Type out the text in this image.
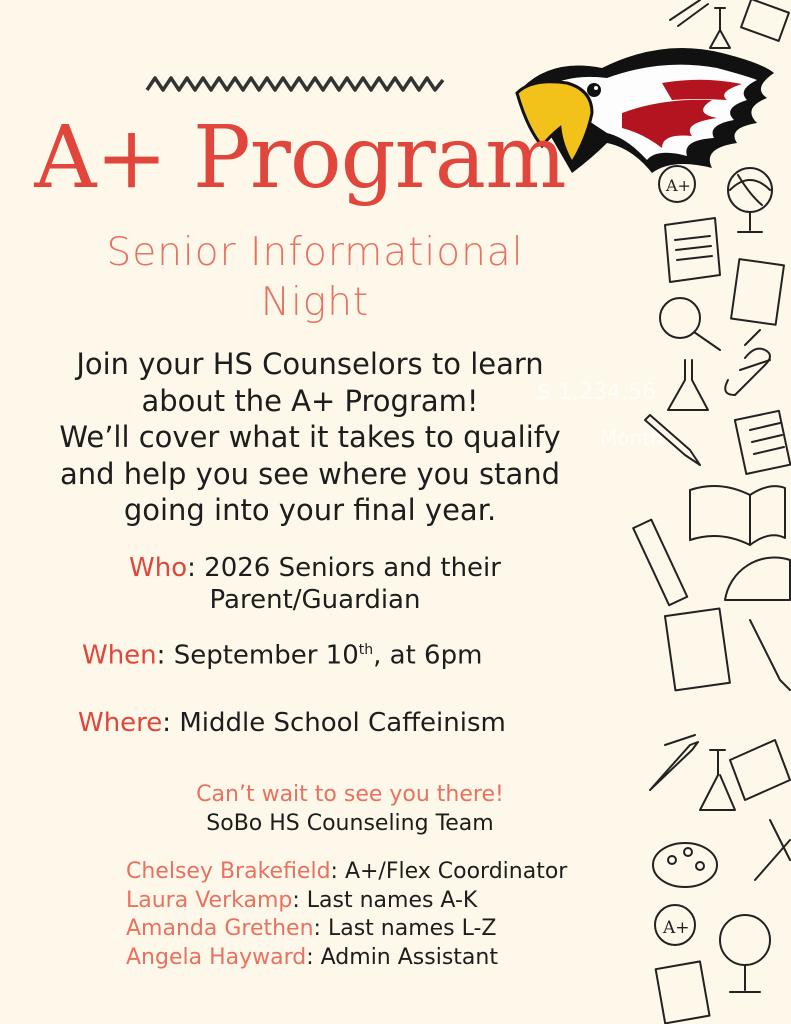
A+
A+
A+ Program
Senior Informational
Night
$ 1,234.56
Month
Join your HS Counselors to learn
about the A+ Program!
We’ll cover what it takes to qualify
and help you see where you stand
going into your final year.
Who: 2026 Seniors and their
Parent/Guardian
When: September 10th, at 6pm
Where: Middle School Caffeinism
Can’t wait to see you there!
SoBo HS Counseling Team
Chelsey Brakefield: A+/Flex Coordinator
Laura Verkamp: Last names A-K
Amanda Grethen: Last names L-Z
Angela Hayward: Admin Assistant
